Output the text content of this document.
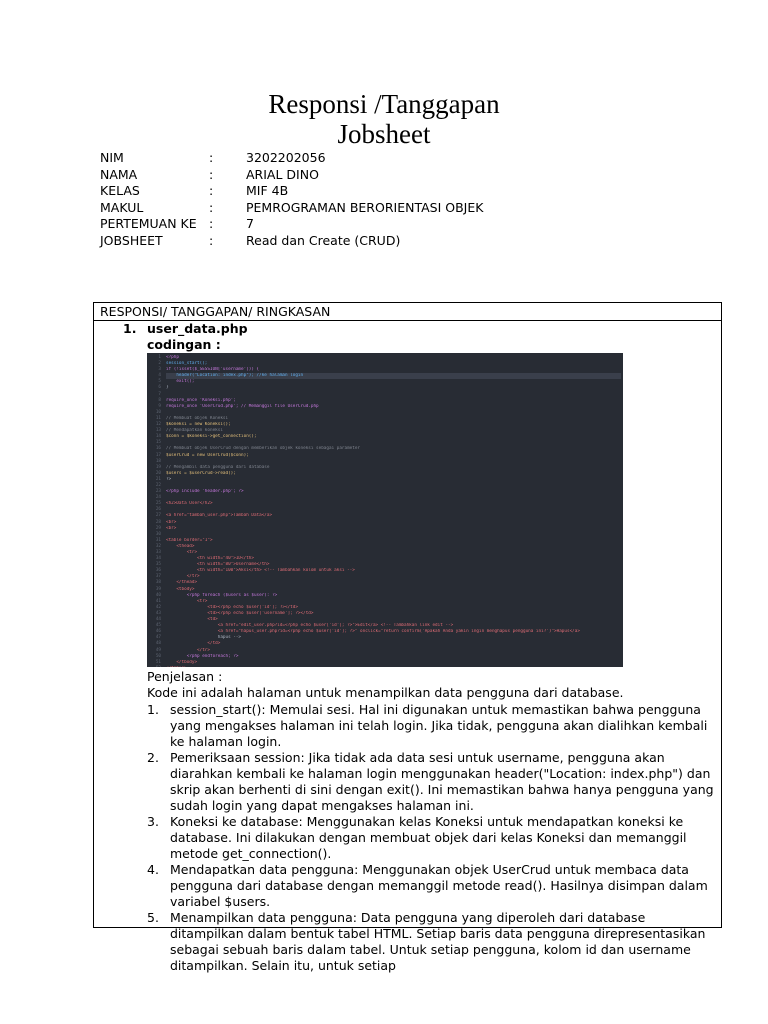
Responsi /Tanggapan
Jobsheet
NIM	:	3202202056
NAMA	:	ARIAL DINO
KELAS	:	MIF 4B
MAKUL	:	PEMROGRAMAN BERORIENTASI OBJEK
PERTEMUAN KE :	7
JOBSHEET	:	Read dan Create (CRUD)
RESPONSI/ TANGGAPAN/ RINGKASAN
1. user_data.php
codingan :
1
2
3
4
5
6
7
8
9
10
11
12
13
14
15
16
17
18
19
20
21
22
23
24
25
26
27
28
29
30
31
32
33
34
35
36
37
38
39
40
41
42
43
44
45
46
47
48
49
50
51
<?php
session_start();
if (!isset($_SESSION['username'])) {
header("Location: index.php"); //ke halaman login
exit();
}
require_once 'Koneksi.php';
require_once 'UserCrud.php'; // Memanggil file UserCrud.php
// Membuat objek Koneksi
$koneksi = new Koneksi();
// Mendapatkan koneksi
$conn = $koneksi->get_connection();
// Membuat objek UserCrud dengan memberikan objek koneksi sebagai parameter
$userCrud = new UserCrud($conn);
// Mengambil data pengguna dari database
$users = $userCrud->read();
?>
<?php include 'header.php'; ?>
<h2>Data User</h2>
<a href="tambah_user.php">Tambah Data</a>
<br>
<br>
<table border="1">
<thead>
<tr>
<th width="40">ID</th>
<th width="80">Username</th>
<th width="100">Aksi</th> <!-- Tambahkan kolom untuk aksi -->
</tr>
</thead>
<tbody>
<?php foreach ($users as $user): ?>
<tr>
<td><?php echo $user['id']; ?></td>
<td><?php echo $user['username']; ?></td>
<td>
<a href="edit_user.php?id=<?php echo $user['id']; ?>">Edit</a> <!-- Tambahkan link edit -->
<a href="hapus_user.php?id=<?php echo $user['id']; ?>" onclick="return confirm('Apakah Anda yakin ingin menghapus pengguna ini?')">Hapus</a>
hapus -->
</td>
</tr>
<?php endforeach; ?>
</tbody>
Penjelasan :
Kode ini adalah halaman untuk menampilkan data pengguna dari database.
1. session_start(): Memulai sesi. Hal ini digunakan untuk memastikan bahwa pengguna yang mengakses halaman ini telah login. Jika tidak, pengguna akan dialihkan kembali ke halaman login.
2. Pemeriksaan session: Jika tidak ada data sesi untuk username, pengguna akan diarahkan kembali ke halaman login menggunakan header("Location: index.php") dan skrip akan berhenti di sini dengan exit(). Ini memastikan bahwa hanya pengguna yang sudah login yang dapat mengakses halaman ini.
3. Koneksi ke database: Menggunakan kelas Koneksi untuk mendapatkan koneksi ke database. Ini dilakukan dengan membuat objek dari kelas Koneksi dan memanggil metode get_connection().
4. Mendapatkan data pengguna: Menggunakan objek UserCrud untuk membaca data pengguna dari database dengan memanggil metode read(). Hasilnya disimpan dalam variabel $users.
5. Menampilkan data pengguna: Data pengguna yang diperoleh dari database ditampilkan dalam bentuk tabel HTML. Setiap baris data pengguna direpresentasikan sebagai sebuah baris dalam tabel. Untuk setiap pengguna, kolom id dan username ditampilkan. Selain itu, untuk setiap
